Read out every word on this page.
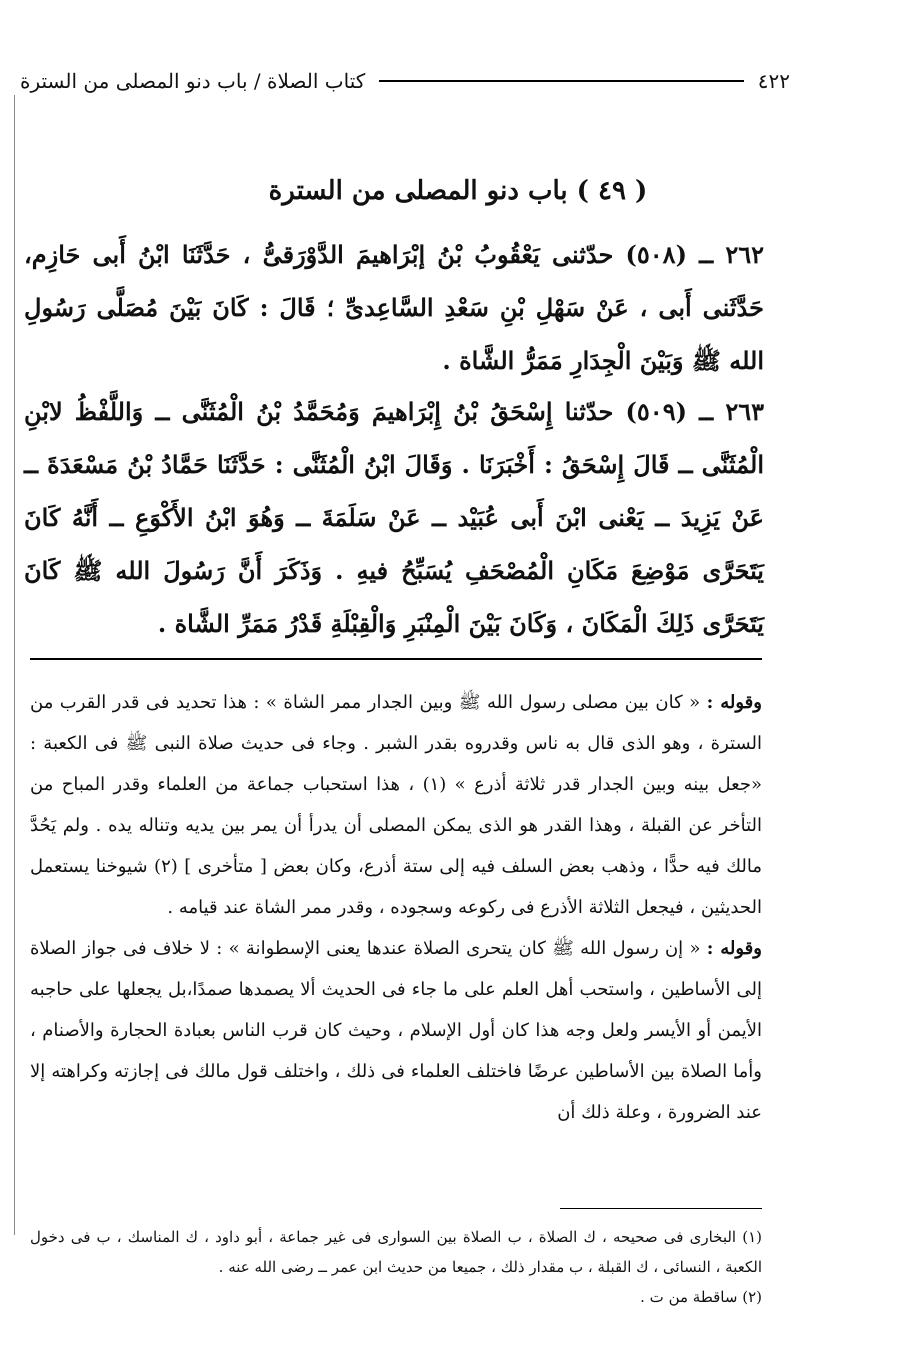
٤٢٢
كتاب الصلاة / باب دنو المصلى من السترة
( ٤٩ ) باب دنو المصلى من السترة
٢٦٢ ــ (٥٠٨) حدّثنى يَعْقُوبُ بْنُ إبْرَاهيمَ الدَّوْرَقىُّ ، حَدَّثَنَا ابْنُ أَبى حَازِم، حَدَّثَنى أَبى ، عَنْ سَهْلِ بْنِ سَعْدِ السَّاعِدىِّ ؛ قَالَ : كَانَ بَيْنَ مُصَلَّى رَسُولِ الله ﷺ وَبَيْنَ الْجِدَارِ مَمَرُّ الشَّاة .
٢٦٣ ــ (٥٠٩) حدّثنا إِسْحَقُ بْنُ إِبْرَاهيمَ وَمُحَمَّدُ بْنُ الْمُثَنَّى ــ وَاللَّفْظُ لابْنِ الْمُثَنَّى ــ قَالَ إِسْحَقُ : أَخْبَرَنَا . وَقَالَ ابْنُ الْمُثَنَّى : حَدَّثَنَا حَمَّادُ بْنُ مَسْعَدَةَ ــ عَنْ يَزِيدَ ــ يَعْنى ابْنَ أَبى عُبَيْد ــ عَنْ سَلَمَةَ ــ وَهُوَ ابْنُ الأَكْوَعِ ــ أَنَّهُ كَانَ يَتَحَرَّى مَوْضِعَ مَكَانِ الْمُصْحَفِ يُسَبِّحُ فيهِ . وَذَكَرَ أَنَّ رَسُولَ الله ﷺ كَانَ يَتَحَرَّى ذَلِكَ الْمَكَانَ ، وَكَانَ بَيْنَ الْمِنْبَرِ وَالْقِبْلَةِ قَدْرُ مَمَرِّ الشَّاة .

وقوله : « كان بين مصلى رسول الله ﷺ وبين الجدار ممر الشاة » : هذا تحديد فى قدر القرب من السترة ، وهو الذى قال به ناس وقدروه بقدر الشبر . وجاء فى حديث صلاة النبى ﷺ فى الكعبة : «جعل بينه وبين الجدار قدر ثلاثة أذرع » (١) ، هذا استحباب جماعة من العلماء وقدر المباح من التأخر عن القبلة ، وهذا القدر هو الذى يمكن المصلى أن يدرأ أن يمر بين يديه وتناله يده . ولم يَحُدَّ مالك فيه حدًّا ، وذهب بعض السلف فيه إلى ستة أذرع، وكان بعض [ متأخرى ] (٢) شيوخنا يستعمل الحديثين ، فيجعل الثلاثة الأذرع فى ركوعه وسجوده ، وقدر ممر الشاة عند قيامه .

وقوله : « إن رسول الله ﷺ كان يتحرى الصلاة عندها يعنى الإسطوانة » : لا خلاف فى جواز الصلاة إلى الأساطين ، واستحب أهل العلم على ما جاء فى الحديث ألا يصمدها صمدًا،بل يجعلها على حاجبه الأيمن أو الأيسر ولعل وجه هذا كان أول الإسلام ، وحيث كان قرب الناس بعبادة الحجارة والأصنام ، وأما الصلاة بين الأساطين عرضًا فاختلف العلماء فى ذلك ، واختلف قول مالك فى إجازته وكراهته إلا عند الضرورة ، وعلة ذلك أن

(١) البخارى فى صحيحه ، ك الصلاة ، ب الصلاة بين السوارى فى غير جماعة ، أبو داود ، ك المناسك ، ب فى دخول الكعبة ، النسائى ، ك القبلة ، ب مقدار ذلك ، جميعا من حديث ابن عمر ــ رضى الله عنه .

(٢) ساقطة من ت .
